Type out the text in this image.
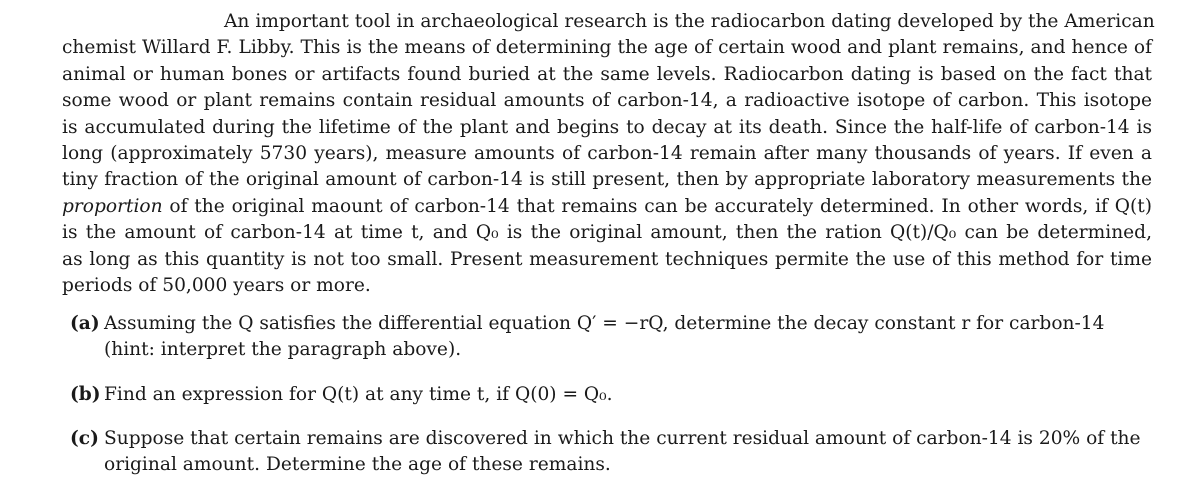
An important tool in archaeological research is the radiocarbon dating developed by the American
chemist Willard F. Libby. This is the means of determining the age of certain wood and plant remains, and hence of
animal or human bones or artifacts found buried at the same levels. Radiocarbon dating is based on the fact that
some wood or plant remains contain residual amounts of carbon-14, a radioactive isotope of carbon. This isotope
is accumulated during the lifetime of the plant and begins to decay at its death. Since the half-life of carbon-14 is
long (approximately 5730 years), measure amounts of carbon-14 remain after many thousands of years. If even a
tiny fraction of the original amount of carbon-14 is still present, then by appropriate laboratory measurements the
proportion of the original maount of carbon-14 that remains can be accurately determined. In other words, if Q(t)
is the amount of carbon-14 at time t, and Q₀ is the original amount, then the ration Q(t)/Q₀ can be determined,
as long as this quantity is not too small. Present measurement techniques permite the use of this method for time
periods of 50,000 years or more.
(a) Assuming the Q satisfies the differential equation Q′ = −rQ, determine the decay constant r for carbon-14
(hint: interpret the paragraph above).
(b) Find an expression for Q(t) at any time t, if Q(0) = Q₀.
(c) Suppose that certain remains are discovered in which the current residual amount of carbon-14 is 20% of the
original amount. Determine the age of these remains.
